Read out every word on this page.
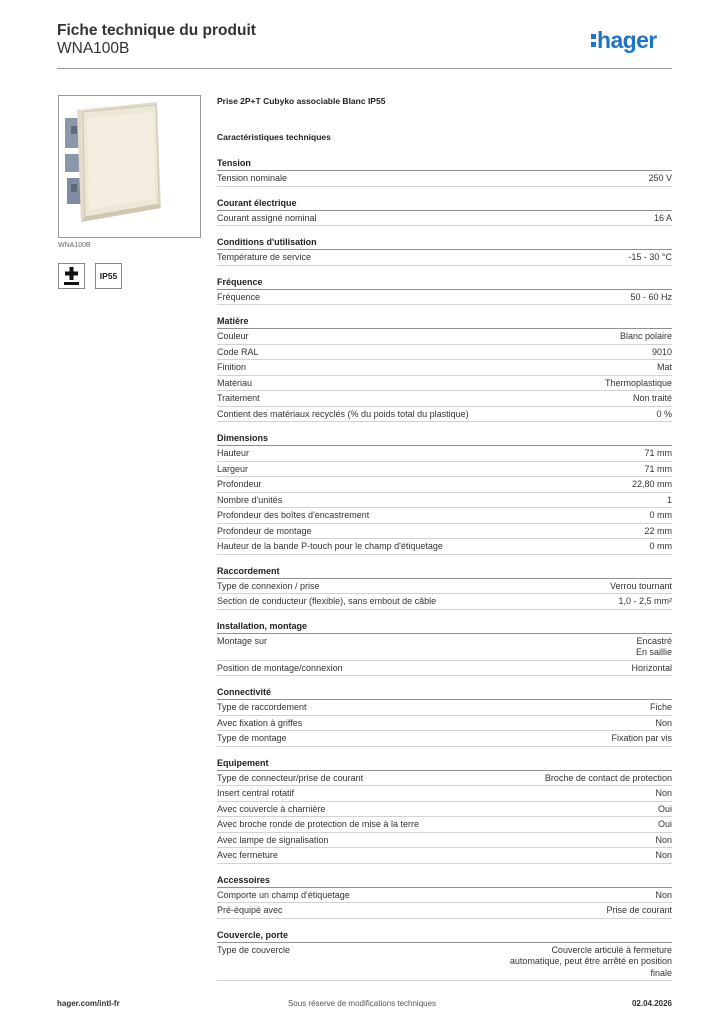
Fiche technique du produit
WNA100B	hager
WNA100B
IP55
Prise 2P+T Cubyko associable Blanc IP55
Caractéristiques techniques
Tension
Tension nominale	250 V
Courant électrique
Courant assigné nominal	16 A
Conditions d'utilisation
Température de service	-15 - 30 °C
Fréquence
Fréquence	50 - 60 Hz
Matière
Couleur	Blanc polaire
Code RAL	9010
Finition	Mat
Matériau	Thermoplastique
Traitement	Non traité
Contient des matériaux recyclés (% du poids total du plastique)	0 %
Dimensions
Hauteur	71 mm
Largeur	71 mm
Profondeur	22,80 mm
Nombre d'unités	1
Profondeur des boîtes d'encastrement	0 mm
Profondeur de montage	22 mm
Hauteur de la bande P-touch pour le champ d'étiquetage	0 mm
Raccordement
Type de connexion / prise	Verrou tournant
Section de conducteur (flexible), sans embout de câble	1,0 - 2,5 mm²
Installation, montage
Montage sur	Encastré
En saillie
Position de montage/connexion	Horizontal
Connectivité
Type de raccordement	Fiche
Avec fixation à griffes	Non
Type de montage	Fixation par vis
Equipement
Type de connecteur/prise de courant	Broche de contact de protection
Insert central rotatif	Non
Avec couvercle à charnière	Oui
Avec broche ronde de protection de mise à la terre	Oui
Avec lampe de signalisation	Non
Avec fermeture	Non
Accessoires
Comporte un champ d'étiquetage	Non
Pré-équipé avec	Prise de courant
Couvercle, porte
Type de couvercle	Couvercle articulé à fermeture
automatique, peut être arrêté en position
finale
hager.com/intl-fr	Sous réserve de modifications techniques	02.04.2026
